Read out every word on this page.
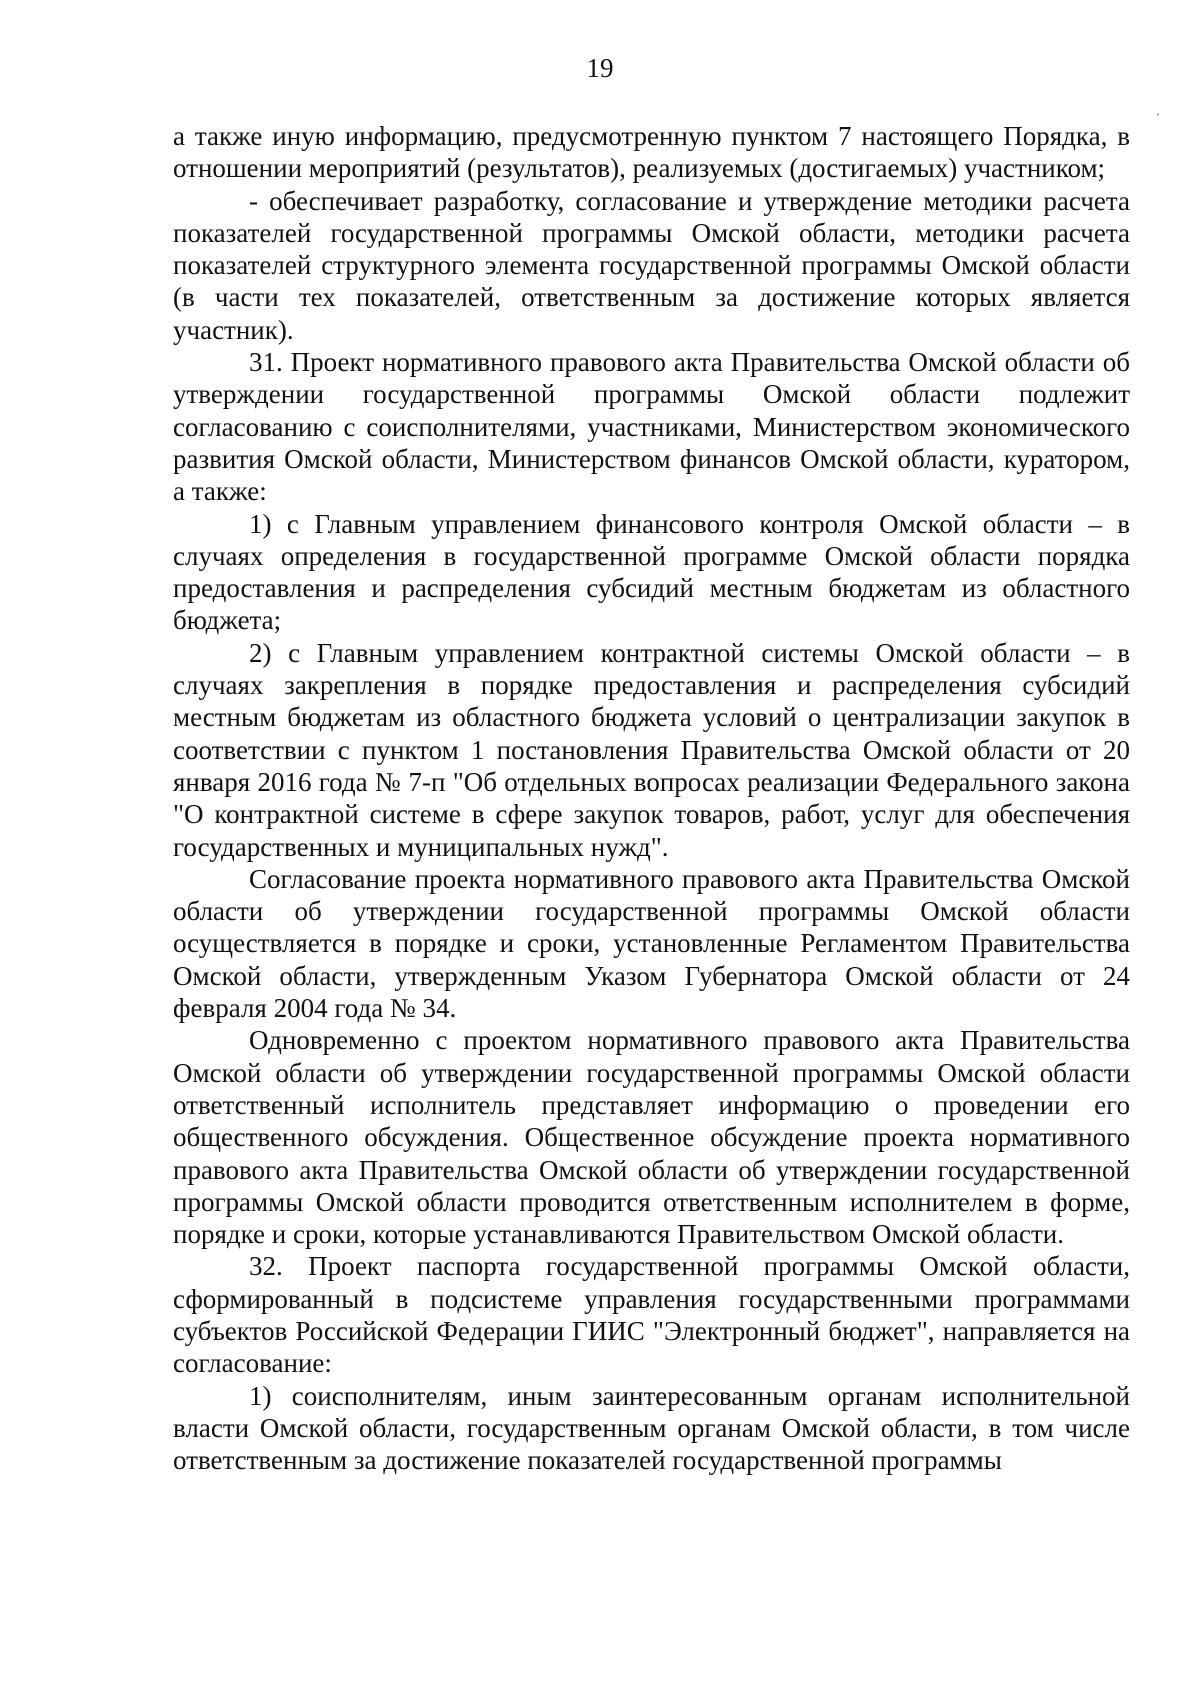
19

а также иную информацию, предусмотренную пунктом 7 настоящего Порядка, в отношении мероприятий (результатов), реализуемых (достигаемых) участником;

- обеспечивает разработку, согласование и утверждение методики расчета показателей государственной программы Омской области, методики расчета показателей структурного элемента государственной программы Омской области (в части тех показателей, ответственным за достижение которых является участник).

31. Проект нормативного правового акта Правительства Омской области об утверждении государственной программы Омской области подлежит согласованию с соисполнителями, участниками, Министерством экономического развития Омской области, Министерством финансов Омской области, куратором, а также:

1) с Главным управлением финансового контроля Омской области – в случаях определения в государственной программе Омской области порядка предоставления и распределения субсидий местным бюджетам из областного бюджета;

2) с Главным управлением контрактной системы Омской области – в случаях закрепления в порядке предоставления и распределения субсидий местным бюджетам из областного бюджета условий о централизации закупок в соответствии с пунктом 1 постановления Правительства Омской области от 20 января 2016 года № 7-п "Об отдельных вопросах реализации Федерального закона "О контрактной системе в сфере закупок товаров, работ, услуг для обеспечения государственных и муниципальных нужд".

Согласование проекта нормативного правового акта Правительства Омской области об утверждении государственной программы Омской области осуществляется в порядке и сроки, установленные Регламентом Правительства Омской области, утвержденным Указом Губернатора Омской области от 24 февраля 2004 года № 34.

Одновременно с проектом нормативного правового акта Правительства Омской области об утверждении государственной программы Омской области ответственный исполнитель представляет информацию о проведении его общественного обсуждения. Общественное обсуждение проекта нормативного правового акта Правительства Омской области об утверждении государственной программы Омской области проводится ответственным исполнителем в форме, порядке и сроки, которые устанавливаются Правительством Омской области.

32. Проект паспорта государственной программы Омской области, сформированный в подсистеме управления государственными программами субъектов Российской Федерации ГИИС "Электронный бюджет", направляется на согласование:

1) соисполнителям, иным заинтересованным органам исполнительной власти Омской области, государственным органам Омской области, в том числе ответственным за достижение показателей государственной программы
